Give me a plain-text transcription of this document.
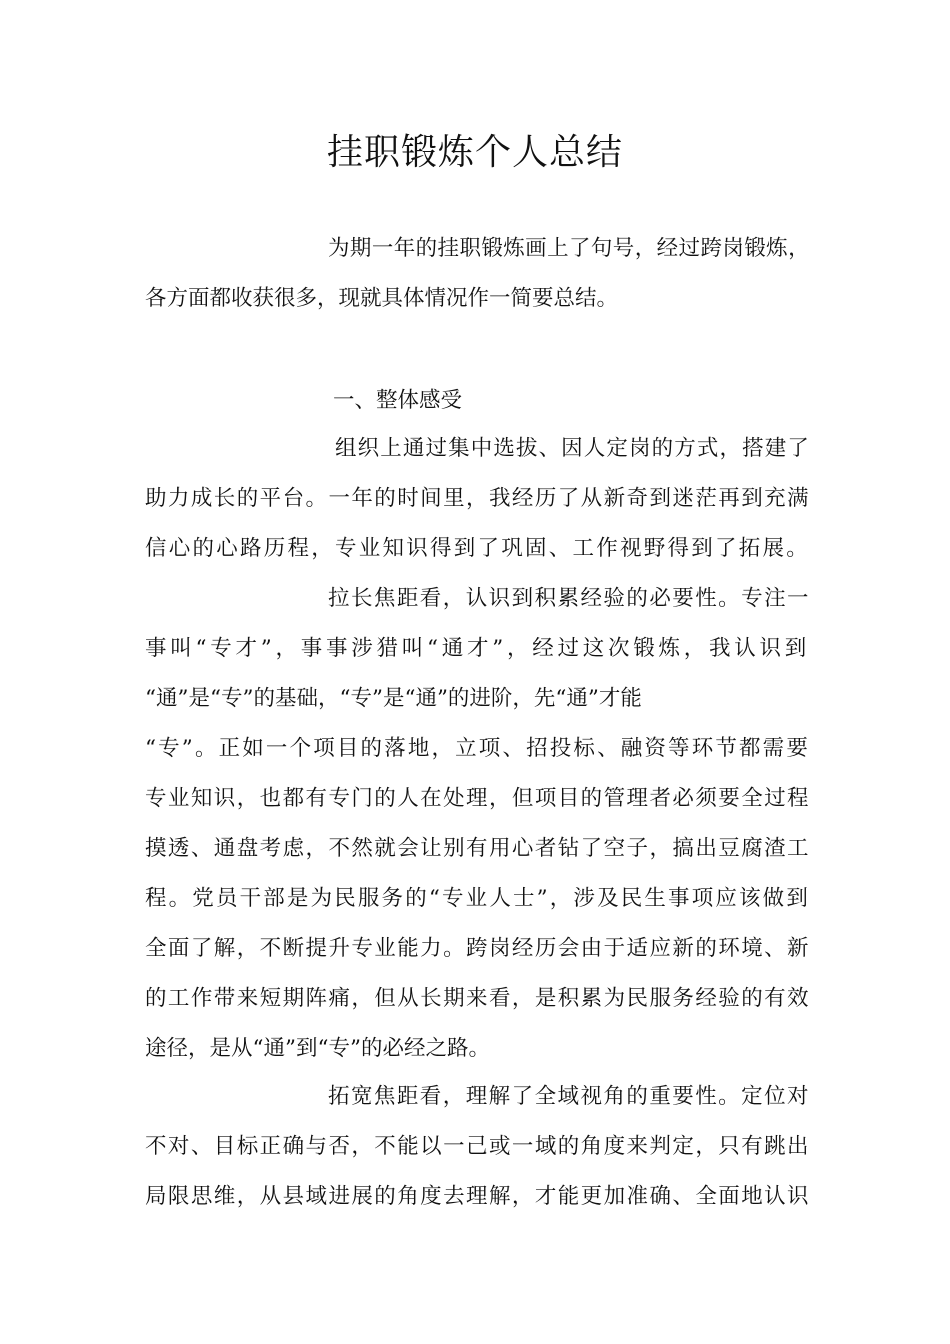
挂职锻炼个人总结
为期一年的挂职锻炼画上了句号，经过跨岗锻炼，
各方面都收获很多，现就具体情况作一简要总结。
一、整体感受
组织上通过集中选拔、因人定岗的方式，搭建了
助力成长的平台。一年的时间里，我经历了从新奇到迷茫再到充满
信心的心路历程，专业知识得到了巩固、工作视野得到了拓展。
拉长焦距看，认识到积累经验的必要性。专注一
事叫“专才”，事事涉猎叫“通才”，经过这次锻炼，我认识到
“通”是“专”的基础，“专”是“通”的进阶，先“通”才能
“专”。正如一个项目的落地，立项、招投标、融资等环节都需要
专业知识，也都有专门的人在处理，但项目的管理者必须要全过程
摸透、通盘考虑，不然就会让别有用心者钻了空子，搞出豆腐渣工
程。党员干部是为民服务的“专业人士”，涉及民生事项应该做到
全面了解，不断提升专业能力。跨岗经历会由于适应新的环境、新
的工作带来短期阵痛，但从长期来看，是积累为民服务经验的有效
途径，是从“通”到“专”的必经之路。
拓宽焦距看，理解了全域视角的重要性。定位对
不对、目标正确与否，不能以一己或一域的角度来判定，只有跳出
局限思维，从县域进展的角度去理解，才能更加准确、全面地认识
